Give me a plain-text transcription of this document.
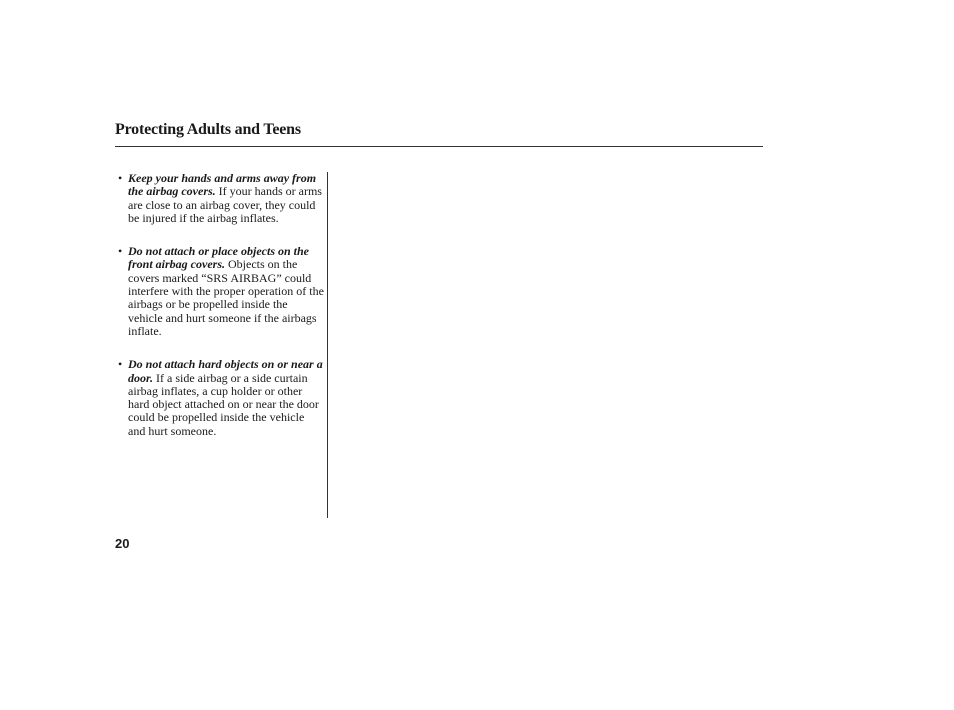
Protecting Adults and Teens
• Keep your hands and arms away from the airbag covers. If your hands or arms are close to an airbag cover, they could be injured if the airbag inflates.
• Do not attach or place objects on the front airbag covers. Objects on the covers marked “SRS AIRBAG” could interfere with the proper operation of the airbags or be propelled inside the vehicle and hurt someone if the airbags inflate.
• Do not attach hard objects on or near a door. If a side airbag or a side curtain airbag inflates, a cup holder or other hard object attached on or near the door could be propelled inside the vehicle and hurt someone.

20
